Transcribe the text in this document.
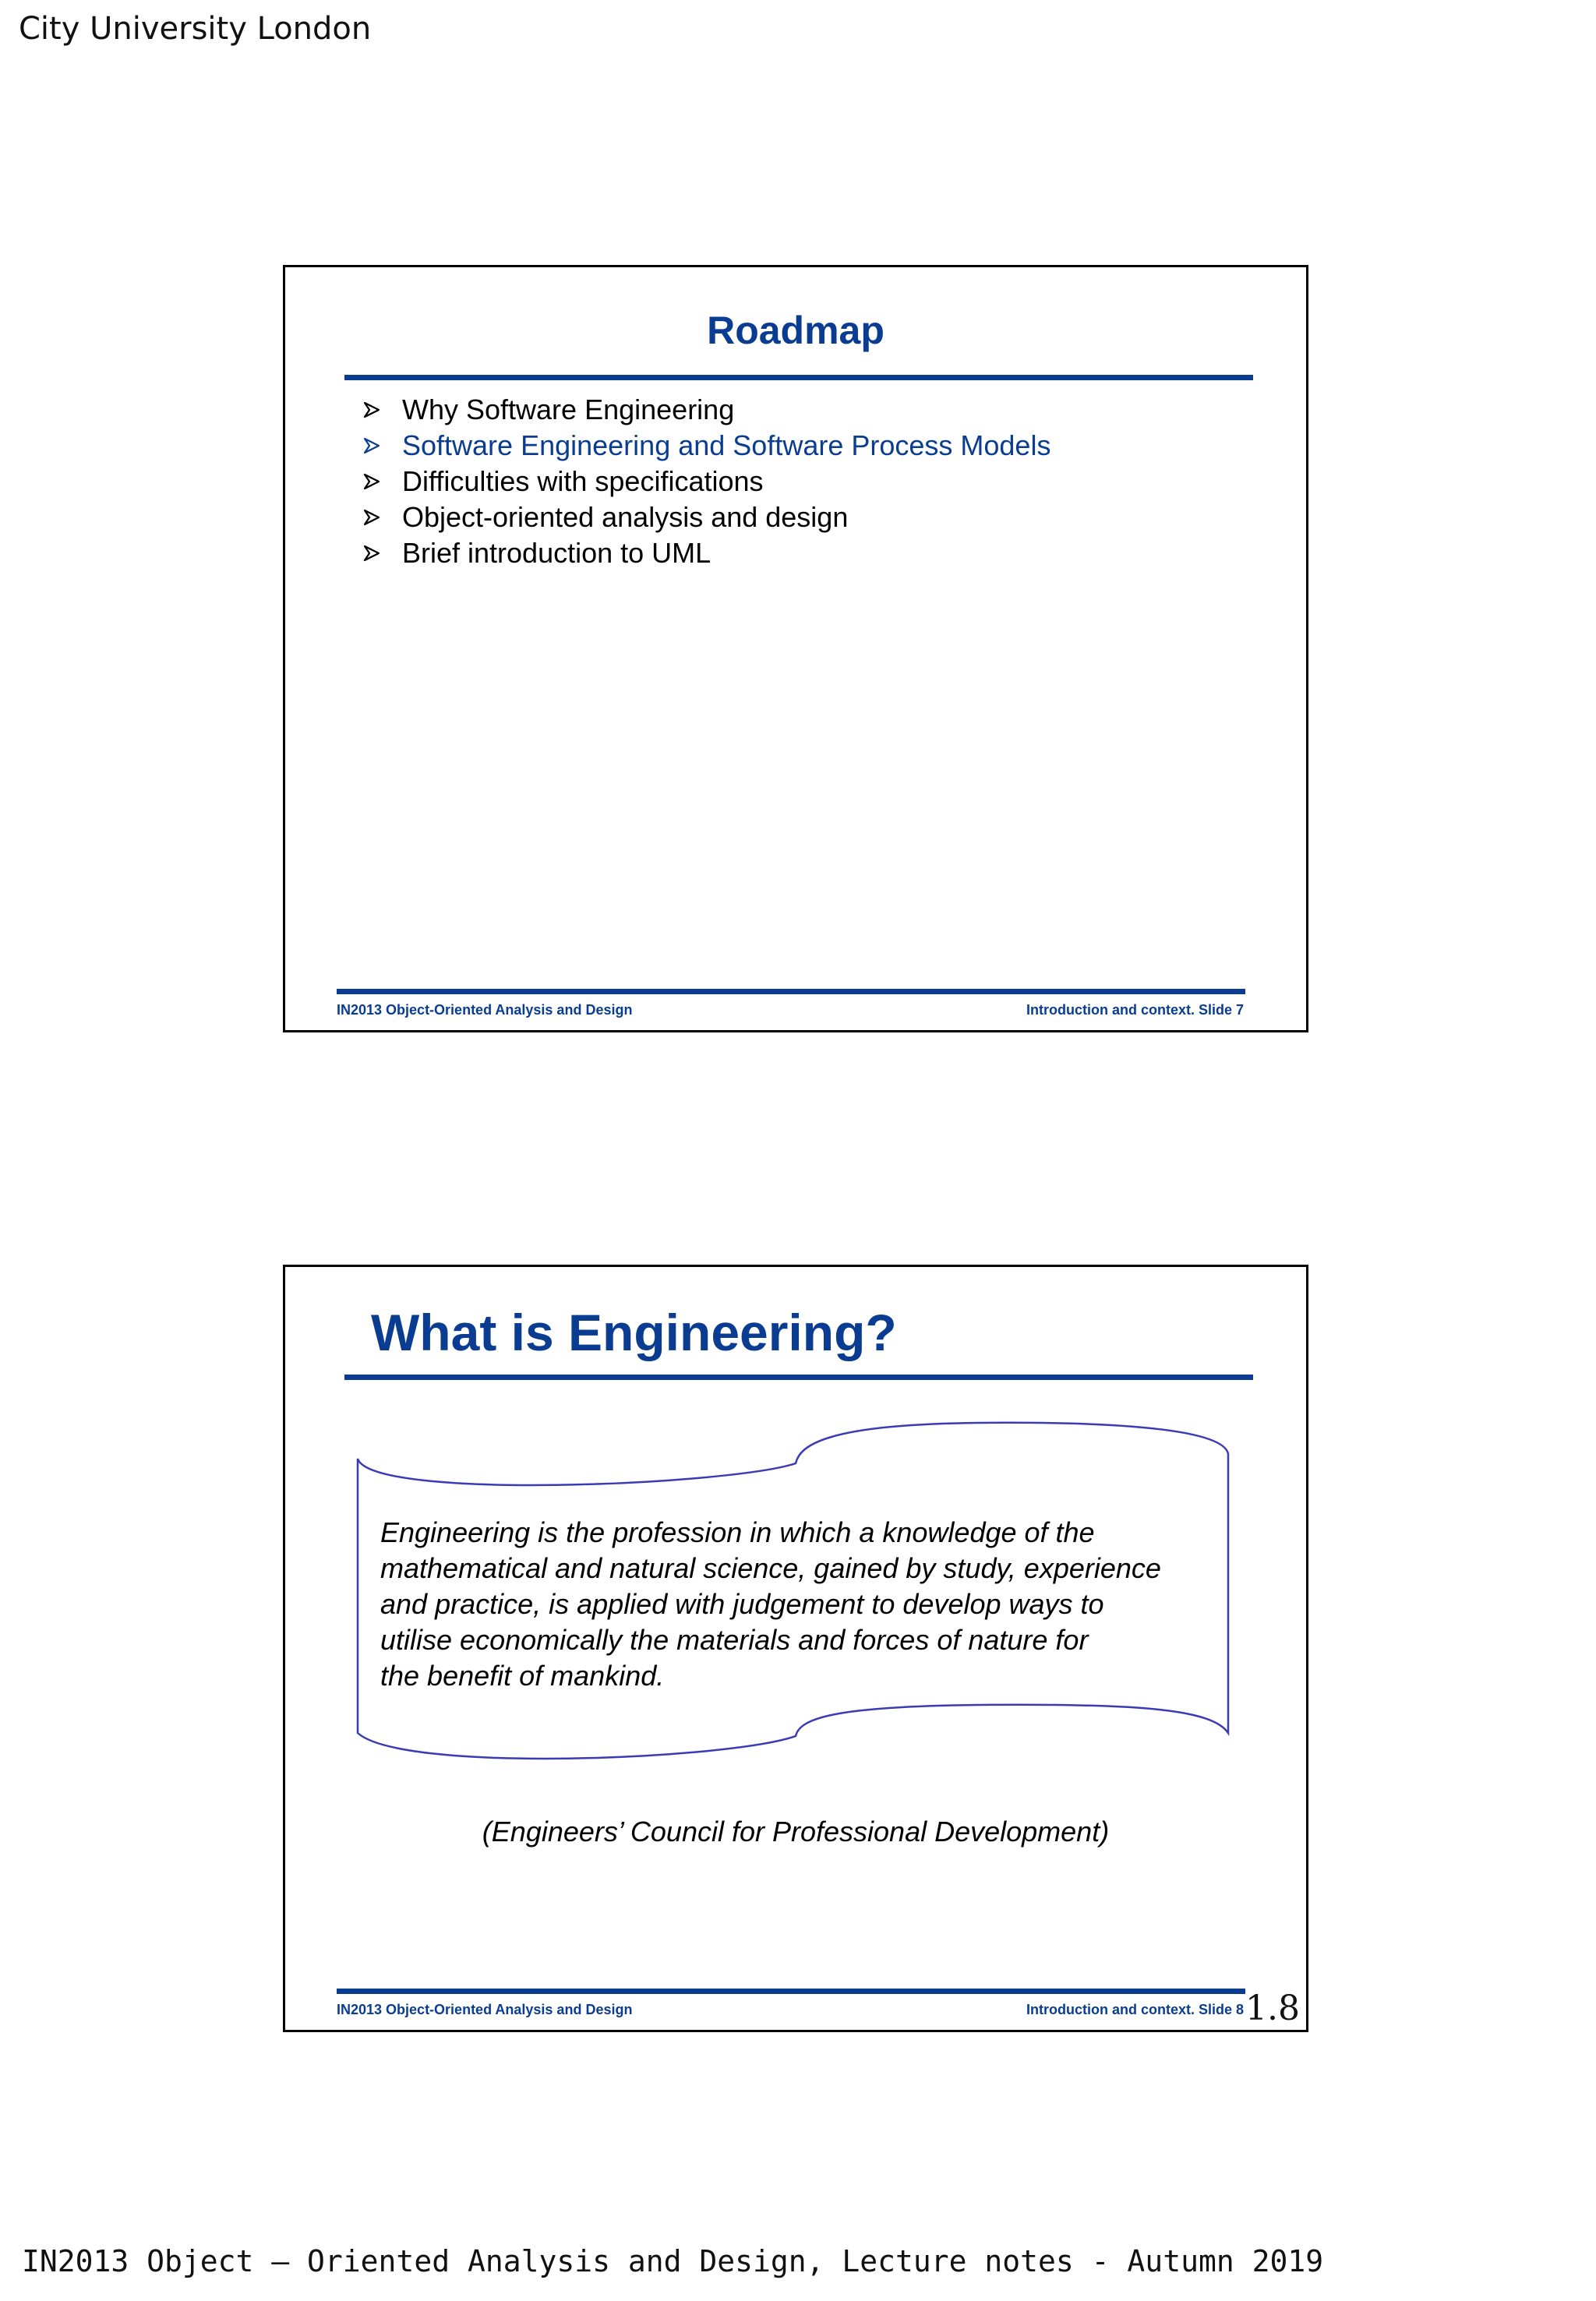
City University London
Roadmap
Why Software Engineering
Software Engineering and Software Process Models
Difficulties with specifications
Object-oriented analysis and design
Brief introduction to UML
IN2013 Object-Oriented Analysis and Design	Introduction and context. Slide 7
What is Engineering?
Engineering is the profession in which a knowledge of the
mathematical and natural science, gained by study, experience
and practice, is applied with judgement to develop ways to
utilise economically the materials and forces of nature for
the benefit of mankind.
(Engineers’ Council for Professional Development)
IN2013 Object-Oriented Analysis and Design	Introduction and context. Slide 8 1.8
IN2013 Object – Oriented Analysis and Design, Lecture notes - Autumn 2019
